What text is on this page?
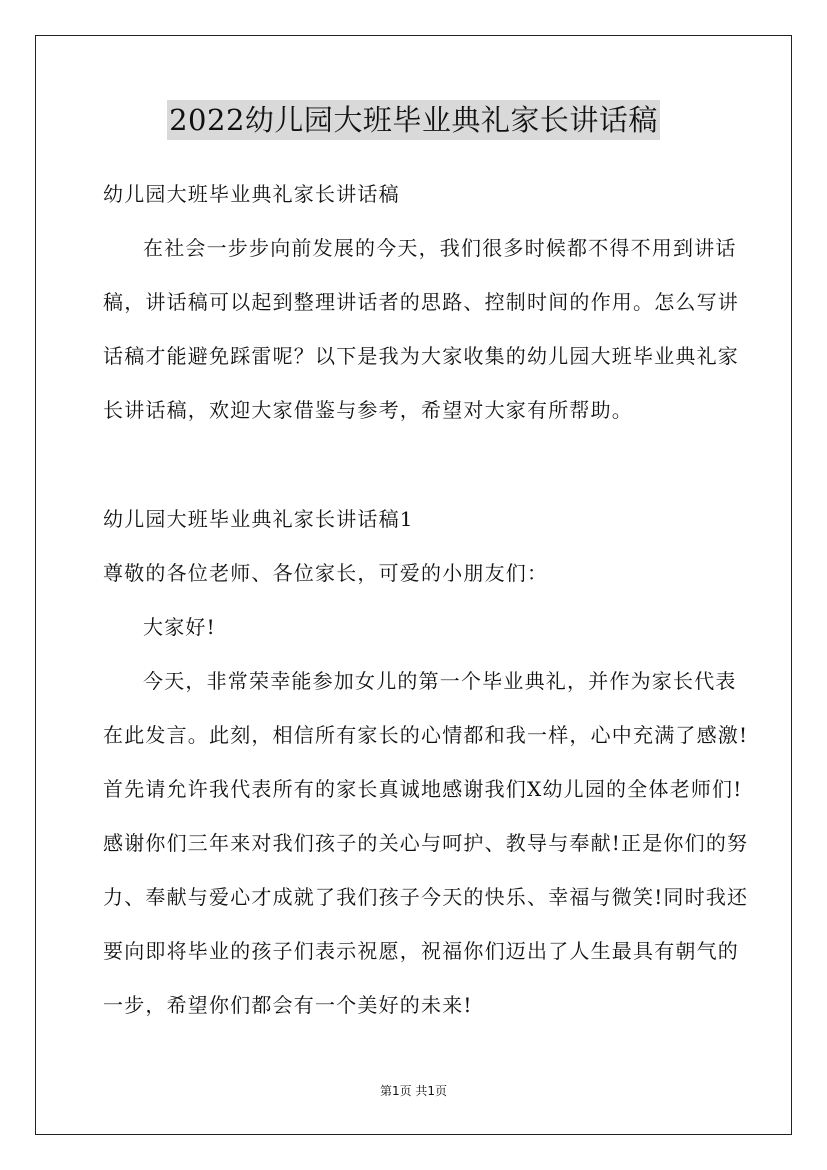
2022幼儿园大班毕业典礼家长讲话稿
幼儿园大班毕业典礼家长讲话稿
在社会一步步向前发展的今天，我们很多时候都不得不用到讲话
稿，讲话稿可以起到整理讲话者的思路、控制时间的作用。怎么写讲
话稿才能避免踩雷呢？以下是我为大家收集的幼儿园大班毕业典礼家
长讲话稿，欢迎大家借鉴与参考，希望对大家有所帮助。
幼儿园大班毕业典礼家长讲话稿1
尊敬的各位老师、各位家长，可爱的小朋友们：
大家好!
今天，非常荣幸能参加女儿的第一个毕业典礼，并作为家长代表
在此发言。此刻，相信所有家长的心情都和我一样，心中充满了感激!
首先请允许我代表所有的家长真诚地感谢我们X幼儿园的全体老师们!
感谢你们三年来对我们孩子的关心与呵护、教导与奉献!正是你们的努
力、奉献与爱心才成就了我们孩子今天的快乐、幸福与微笑!同时我还
要向即将毕业的孩子们表示祝愿，祝福你们迈出了人生最具有朝气的
一步，希望你们都会有一个美好的未来!
第1页 共1页
